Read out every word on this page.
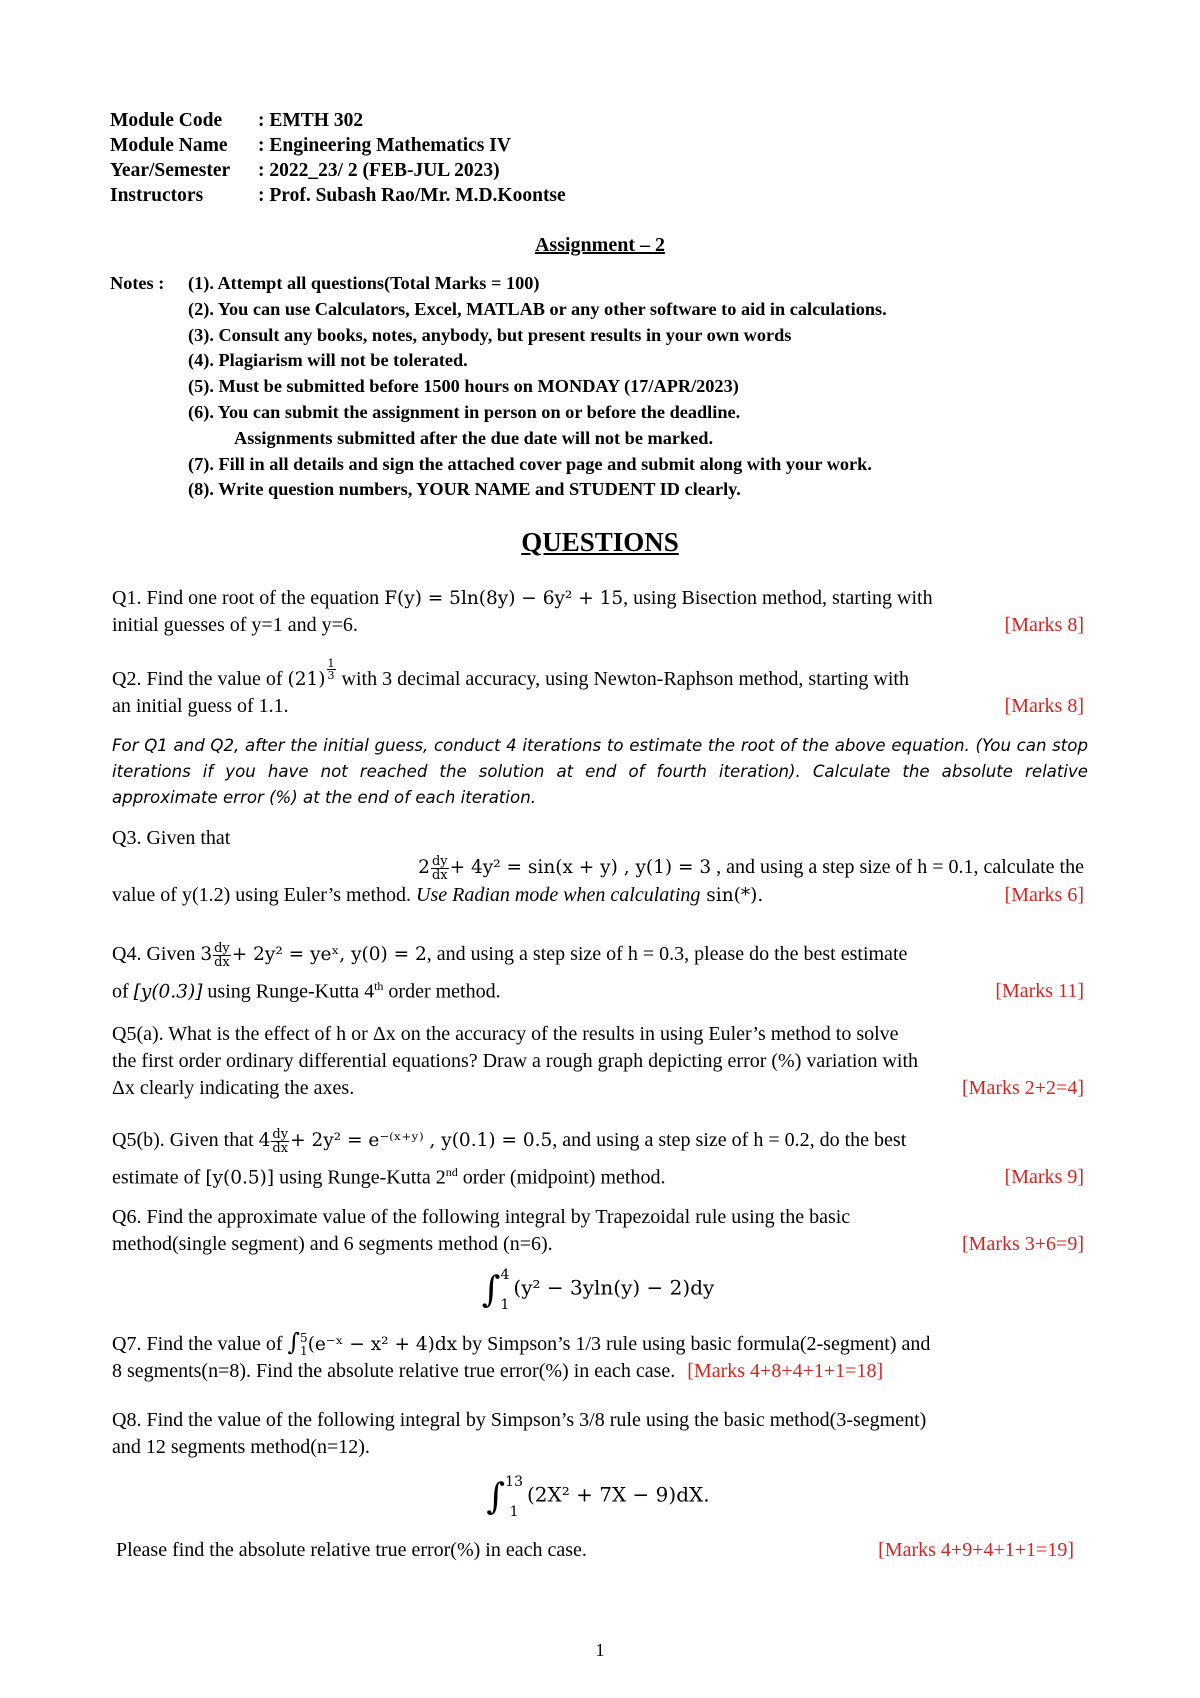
Module Code	: EMTH 302
Module Name	: Engineering Mathematics IV
Year/Semester	: 2022_23/ 2 (FEB-JUL 2023)
Instructors	: Prof. Subash Rao/Mr. M.D.Koontse
Assignment – 2
Notes :	(1). Attempt all questions(Total Marks = 100)
(2). You can use Calculators, Excel, MATLAB or any other software to aid in calculations.
(3). Consult any books, notes, anybody, but present results in your own words
(4). Plagiarism will not be tolerated.
(5). Must be submitted before 1500 hours on MONDAY (17/APR/2023)
(6). You can submit the assignment in person on or before the deadline.
Assignments submitted after the due date will not be marked.
(7). Fill in all details and sign the attached cover page and submit along with your work.
(8). Write question numbers, YOUR NAME and STUDENT ID clearly.
QUESTIONS
Q1. Find one root of the equation F(y) = 5ln(8y) − 6y² + 15, using Bisection method, starting with
initial guesses of y=1 and y=6.	[Marks 8]
Q2. Find the value of $(21) \frac{1}{3}$ with 3 decimal accuracy, using Newton-Raphson method, starting with
an initial guess of 1.1.	[Marks 8]
For Q1 and Q2, after the initial guess, conduct 4 iterations to estimate the root of the above equation. (You can stop iterations if you have not reached the solution at end of fourth iteration). Calculate the absolute relative approximate error (%) at the end of each iteration.
Q3. Given that
$2 \frac{dy}{dx} + 4y^2 = \sin(x + y)$ , y(1) = 3 , and using a step size of h = 0.1, calculate the
value of y(1.2) using Euler’s method. Use Radian mode when calculating sin(*).	[Marks 6]
Q4. Given $3 \frac{dy}{dx} + 2y^2$ = yeˣ, y(0) = 2, and using a step size of h = 0.3, please do the best estimate
of [y(0.3)] using Runge-Kutta 4th order method.	[Marks 11]
Q5(a). What is the effect of h or Δx on the accuracy of the results in using Euler’s method to solve
the first order ordinary differential equations? Draw a rough graph depicting error (%) variation with
Δx clearly indicating the axes.	[Marks 2+2=4]
Q5(b). Given that $4 \frac{dy}{dx} + 2y^2$ = e⁻⁽ˣ⁺ʸ⁾ , y(0.1) = 0.5, and using a step size of h = 0.2, do the best
estimate of [y(0.5)] using Runge-Kutta 2nd order (midpoint) method.	[Marks 9]
Q6. Find the approximate value of the following integral by Trapezoidal rule using the basic
method(single segment) and 6 segments method (n=6).	[Marks 3+6=9]
∫ 4
1
(y² − 3yln(y) − 2)dy
Q7. Find the value of ∫ 5
1 (e⁻ˣ − x² + 4)dx by Simpson’s 1/3 rule using basic formula(2-segment) and
8 segments(n=8). Find the absolute relative true error(%) in each case. [Marks 4+8+4+1+1=18]
Q8. Find the value of the following integral by Simpson’s 3/8 rule using the basic method(3-segment)
and 12 segments method(n=12).
∫ 13
1
(2X² + 7X − 9)dX.
Please find the absolute relative true error(%) in each case.	[Marks 4+9+4+1+1=19]
1
